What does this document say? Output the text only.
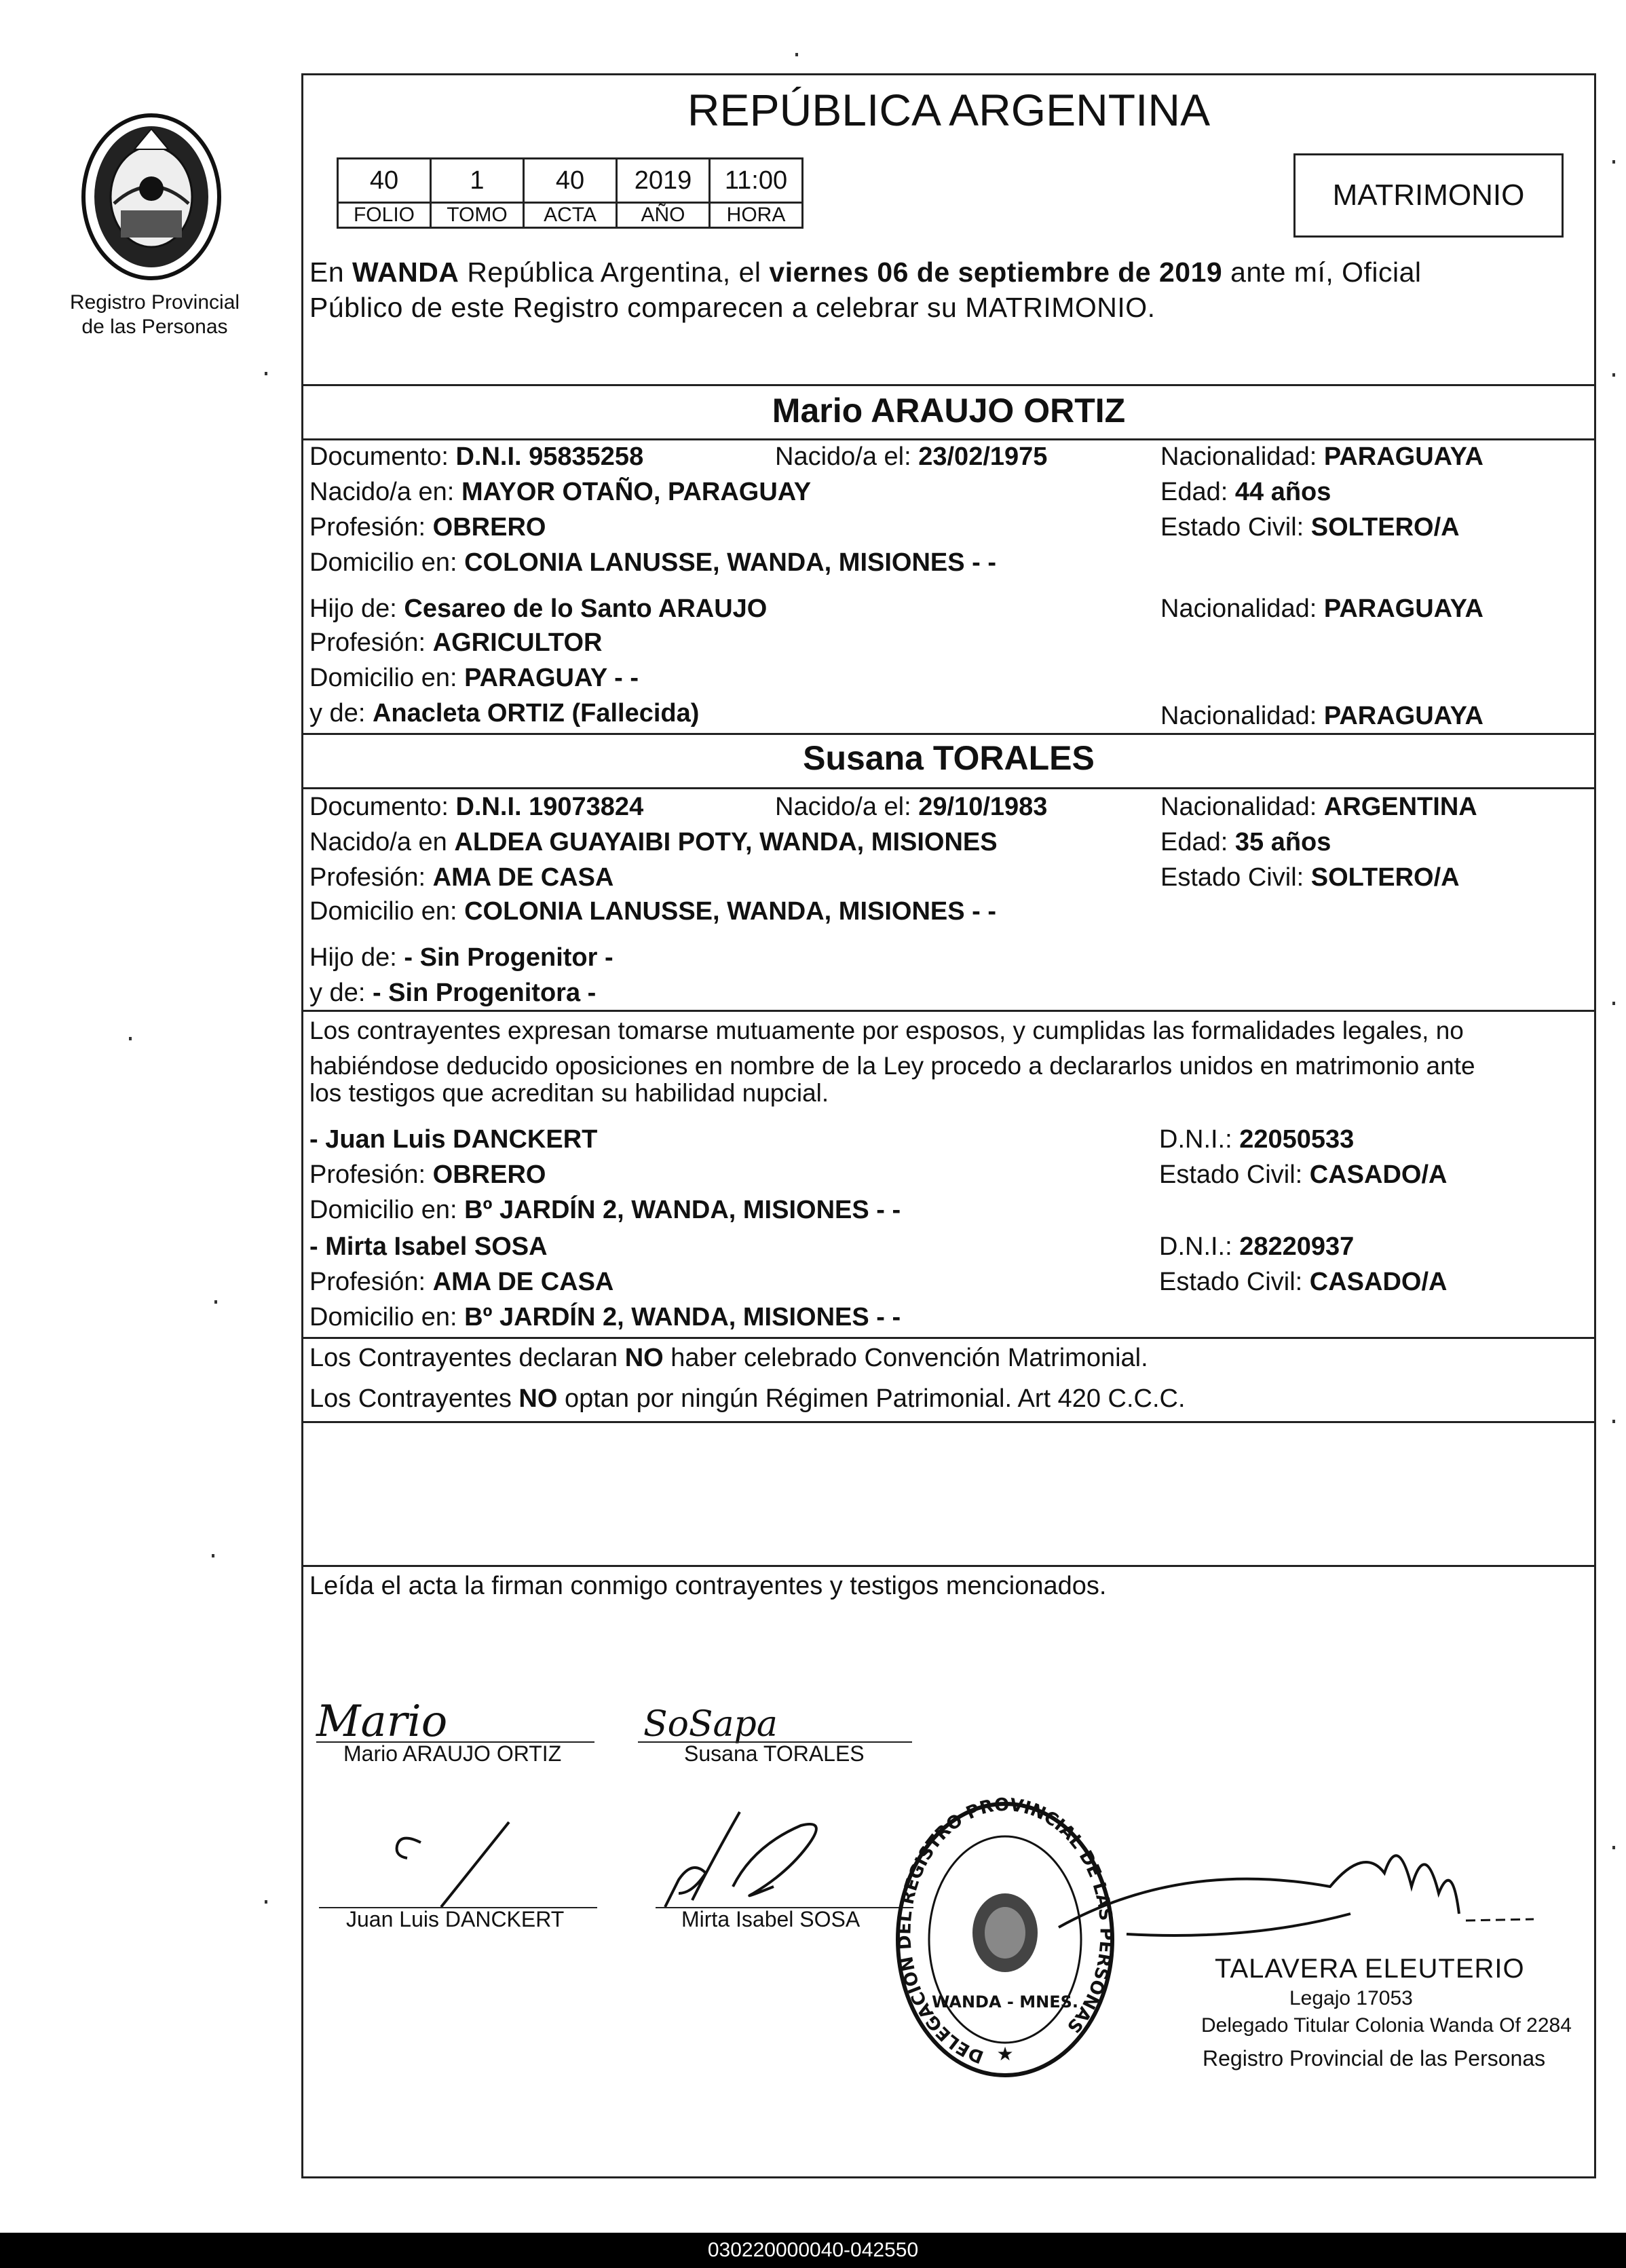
Registro Provincial
de las Personas
REPÚBLICA ARGENTINA
40	1	40	2019	11:00
FOLIO	TOMO	ACTA	AÑO	HORA
MATRIMONIO
En WANDA República Argentina, el viernes 06 de septiembre de 2019 ante mí, Oficial
Público de este Registro comparecen a celebrar su MATRIMONIO.
Mario ARAUJO ORTIZ
Documento: D.N.I. 95835258	Nacido/a el: 23/02/1975	Nacionalidad: PARAGUAYA
Nacido/a en: MAYOR OTAÑO, PARAGUAY	Edad: 44 años
Profesión: OBRERO	Estado Civil: SOLTERO/A
Domicilio en: COLONIA LANUSSE, WANDA, MISIONES - -
Hijo de: Cesareo de lo Santo ARAUJO	Nacionalidad: PARAGUAYA
Profesión: AGRICULTOR
Domicilio en: PARAGUAY - -
y de: Anacleta ORTIZ (Fallecida)	Nacionalidad: PARAGUAYA
Susana TORALES
Documento: D.N.I. 19073824	Nacido/a el: 29/10/1983	Nacionalidad: ARGENTINA
Nacido/a en ALDEA GUAYAIBI POTY, WANDA, MISIONES	Edad: 35 años
Profesión: AMA DE CASA	Estado Civil: SOLTERO/A
Domicilio en: COLONIA LANUSSE, WANDA, MISIONES - -
Hijo de: - Sin Progenitor -
y de: - Sin Progenitora -
Los contrayentes expresan tomarse mutuamente por esposos, y cumplidas las formalidades legales, no
habiéndose deducido oposiciones en nombre de la Ley procedo a declararlos unidos en matrimonio ante
los testigos que acreditan su habilidad nupcial.
- Juan Luis DANCKERT	D.N.I.: 22050533
Profesión: OBRERO	Estado Civil: CASADO/A
Domicilio en: Bº JARDÍN 2, WANDA, MISIONES - -
- Mirta Isabel SOSA	D.N.I.: 28220937
Profesión: AMA DE CASA	Estado Civil: CASADO/A
Domicilio en: Bº JARDÍN 2, WANDA, MISIONES - -
Los Contrayentes declaran NO haber celebrado Convención Matrimonial.
Los Contrayentes NO optan por ningún Régimen Patrimonial. Art 420 C.C.C.
Leída el acta la firman conmigo contrayentes y testigos mencionados.
Mario
Mario ARAUJO ORTIZ
SoSapa
Susana TORALES
Juan Luis DANCKERT	Mirta Isabel SOSA
DELEGACION DEL REGISTRO PROVINCIAL DE LAS PERSONAS
WANDA - MNES.
★
TALAVERA ELEUTERIO
Legajo 17053
Delegado Titular Colonia Wanda Of 2284
Registro Provincial de las Personas
030220000040-042550
